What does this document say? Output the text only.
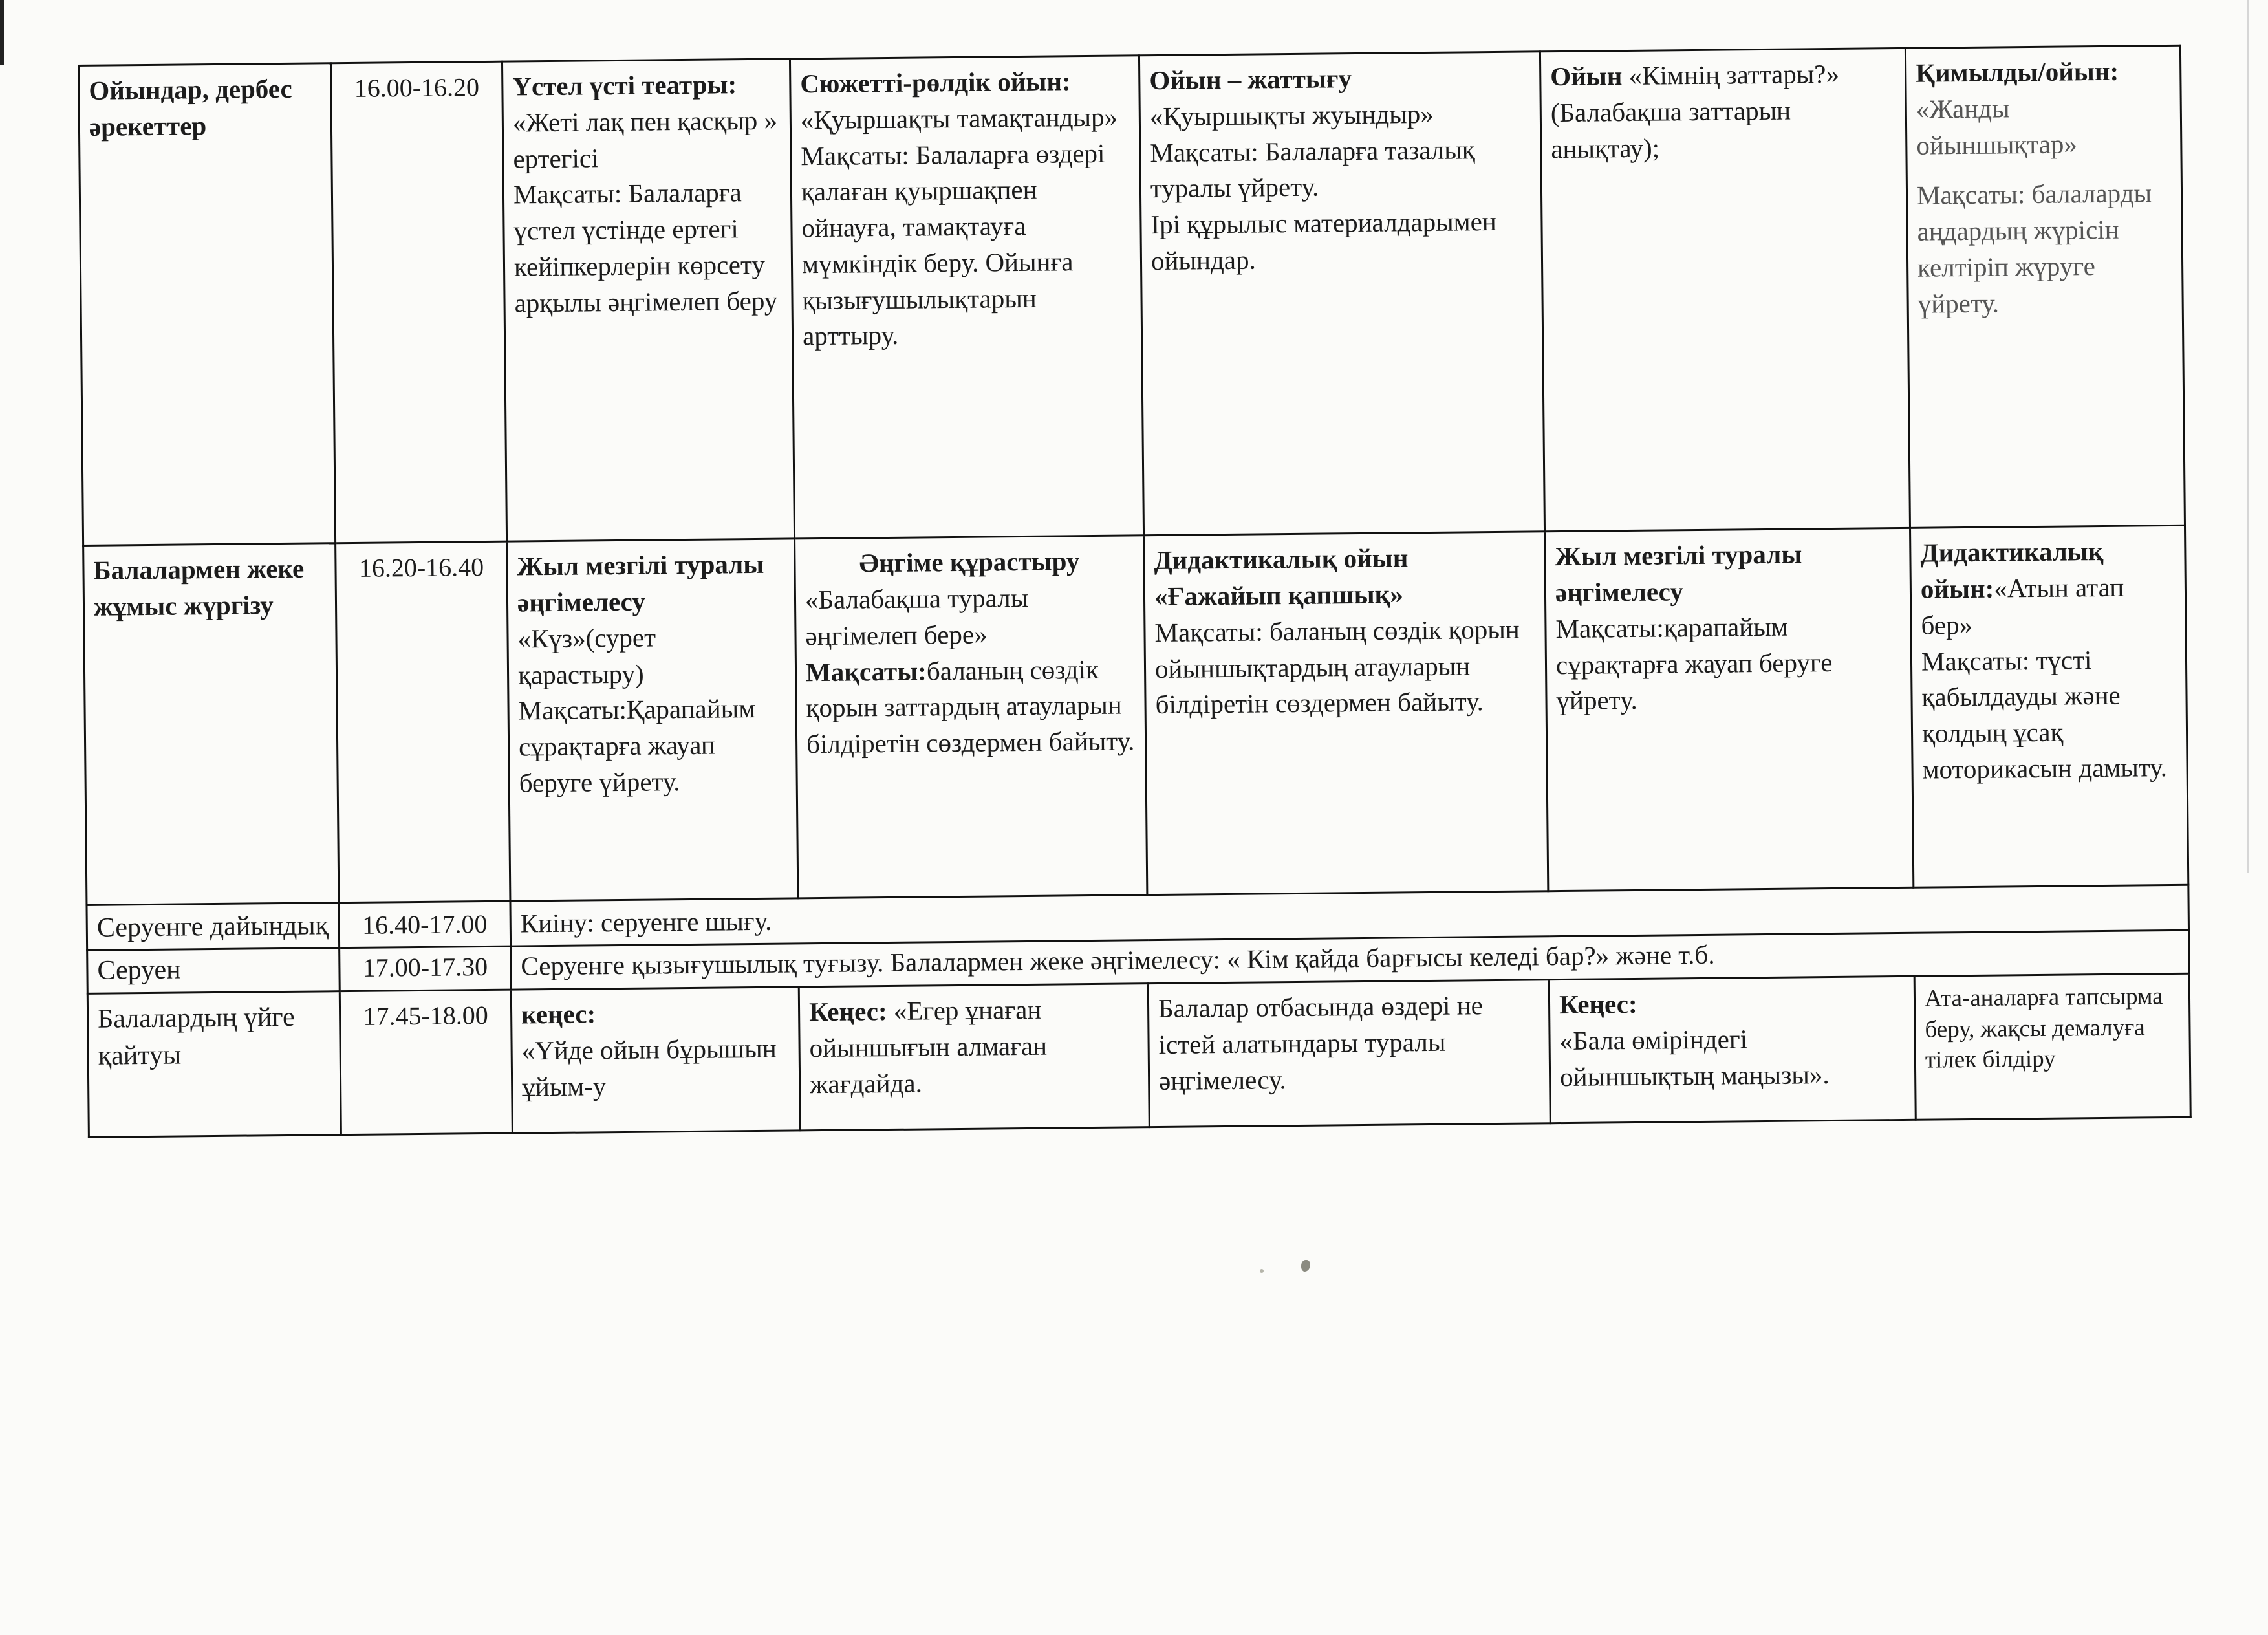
Ойындар, дербес әрекеттер	16.00-16.20	Үстел үсті театры:
«Жеті лақ пен қасқыр » ертегісі
Мақсаты: Балаларға үстел үстінде ертегі кейіпкерлерін көрсету арқылы әңгімелеп беру	Сюжетті-рөлдік ойын:
«Қуыршақты тамақтандыр»
Мақсаты: Балаларға өздері қалаған қуыршақпен ойнауға, тамақтауға мүмкіндік беру. Ойынға қызығушылықтарын арттыру.	Ойын – жаттығу
«Қуыршықты жуындыр»
Мақсаты: Балаларға тазалық туралы үйрету.
Ірі құрылыс материалдарымен ойындар.	Ойын «Кімнің заттары?» (Балабақша заттарын анықтау);	Қимылды/ойын:
«Жанды ойыншықтар»
Мақсаты: балаларды аңдардың жүрісін келтіріп жүруге үйрету.

Балалармен жеке жұмыс жүргізу	16.20-16.40	Жыл мезгілі туралы әңгімелесу
«Күз»(сурет қарастыру)
Мақсаты:Қарапайым сұрақтарға жауап беруге үйрету.	Әңгіме құрастыру
«Балабақша туралы әңгімелеп бере»
Мақсаты:баланың сөздік қорын заттардың атауларын білдіретін сөздермен байыту.	Дидактикалық ойын «Ғажайып қапшық»
Мақсаты: баланың сөздік қорын ойыншықтардың атауларын білдіретін сөздермен байыту.	Жыл мезгілі туралы әңгімелесу
Мақсаты:қарапайым сұрақтарға жауап беруге үйрету.	Дидактикалық ойын:«Атын атап бер»
Мақсаты: түсті қабылдауды және қолдың ұсақ моторикасын дамыту.

Серуенге дайындық	16.40-17.00	Киіну: серуенге шығу.				
Серуен	17.00-17.30	Серуенге қызығушылық туғызу. Балалармен жеке әңгімелесу: « Кім қайда барғысы келеді бар?» және т.б.				
Балалардың үйге қайтуы	17.45-18.00	кеңес:
«Үйде ойын бұрышын ұйым-у	Кеңес: «Егер ұнаған ойыншығын алмаған жағдайда.	Балалар отбасында өздері не істей алатындары туралы әңгімелесу.	Кеңес:
«Бала өміріндегі ойыншықтың маңызы».	Ата-аналарға тапсырма беру, жақсы демалуға тілек білдіру
